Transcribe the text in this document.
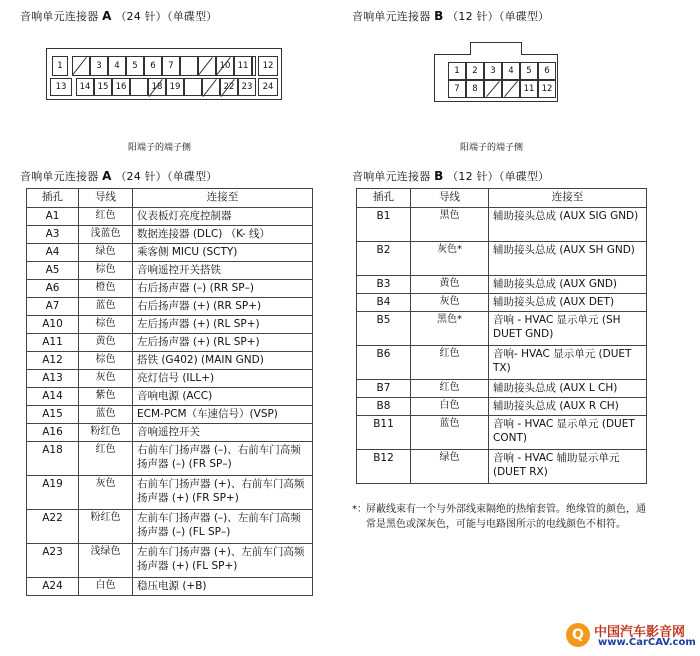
音响单元连接器 A （24 针）（单碟型）	音响单元连接器 B （12 针）（单碟型）
1	3	4	5	6	7	10 11	12
13	14 15 16	18 19	22 23	24
1	2	3	4	5	6
7	8	11 12
阳端子的端子侧	阳端子的端子侧
音响单元连接器 A （24 针）（单碟型）	音响单元连接器 B （12 针）（单碟型）
插孔	导线	连接至
A1	红色	仪表板灯亮度控制器
A3	浅蓝色	数据连接器 (DLC) （K- 线）
A4	绿色	乘客侧 MICU (SCTY)
A5	棕色	音响遥控开关搭铁
A6	橙色	右后扬声器 (–) (RR SP–)
A7	蓝色	右后扬声器 (+) (RR SP+)
A10	棕色	左后扬声器 (+) (RL SP+)
A11	黄色	左后扬声器 (+) (RL SP+)
A12	棕色	搭铁 (G402) (MAIN GND)
A13	灰色	亮灯信号 (ILL+)
A14	紫色	音响电源 (ACC)
A15	蓝色	ECM-PCM（车速信号）(VSP)
A16	粉红色	音响遥控开关
A18	红色	右前车门扬声器 (–)、右前车门高频扬声器 (–) (FR SP–)
A19	灰色	右前车门扬声器 (+)、右前车门高频扬声器 (+) (FR SP+)
A22	粉红色	左前车门扬声器 (–)、左前车门高频扬声器 (–) (FL SP–)
A23	浅绿色	左前车门扬声器 (+)、左前车门高频扬声器 (+) (FL SP+)
A24	白色	稳压电源 (+B)
插孔	导线	连接至
B1	黑色	辅助接头总成 (AUX SIG GND)
B2	灰色*	辅助接头总成 (AUX SH GND)
B3	黄色	辅助接头总成 (AUX GND)
B4	灰色	辅助接头总成 (AUX DET)
B5	黑色*	音响 - HVAC 显示单元 (SH DUET GND)
B6	红色	音响- HVAC 显示单元 (DUET TX)
B7	红色	辅助接头总成 (AUX L CH)
B8	白色	辅助接头总成 (AUX R CH)
B11	蓝色	音响 - HVAC 显示单元 (DUET CONT)
B12	绿色	音响 - HVAC 辅助显示单元 (DUET RX)
*： 屏蔽线束有一个与外部线束隔绝的热缩套管。绝缘管的颜色，通常是黑色或深灰色，可能与电路图所示的电线颜色不相符。
Q 中国汽车影音网
www.CarCAV.com
